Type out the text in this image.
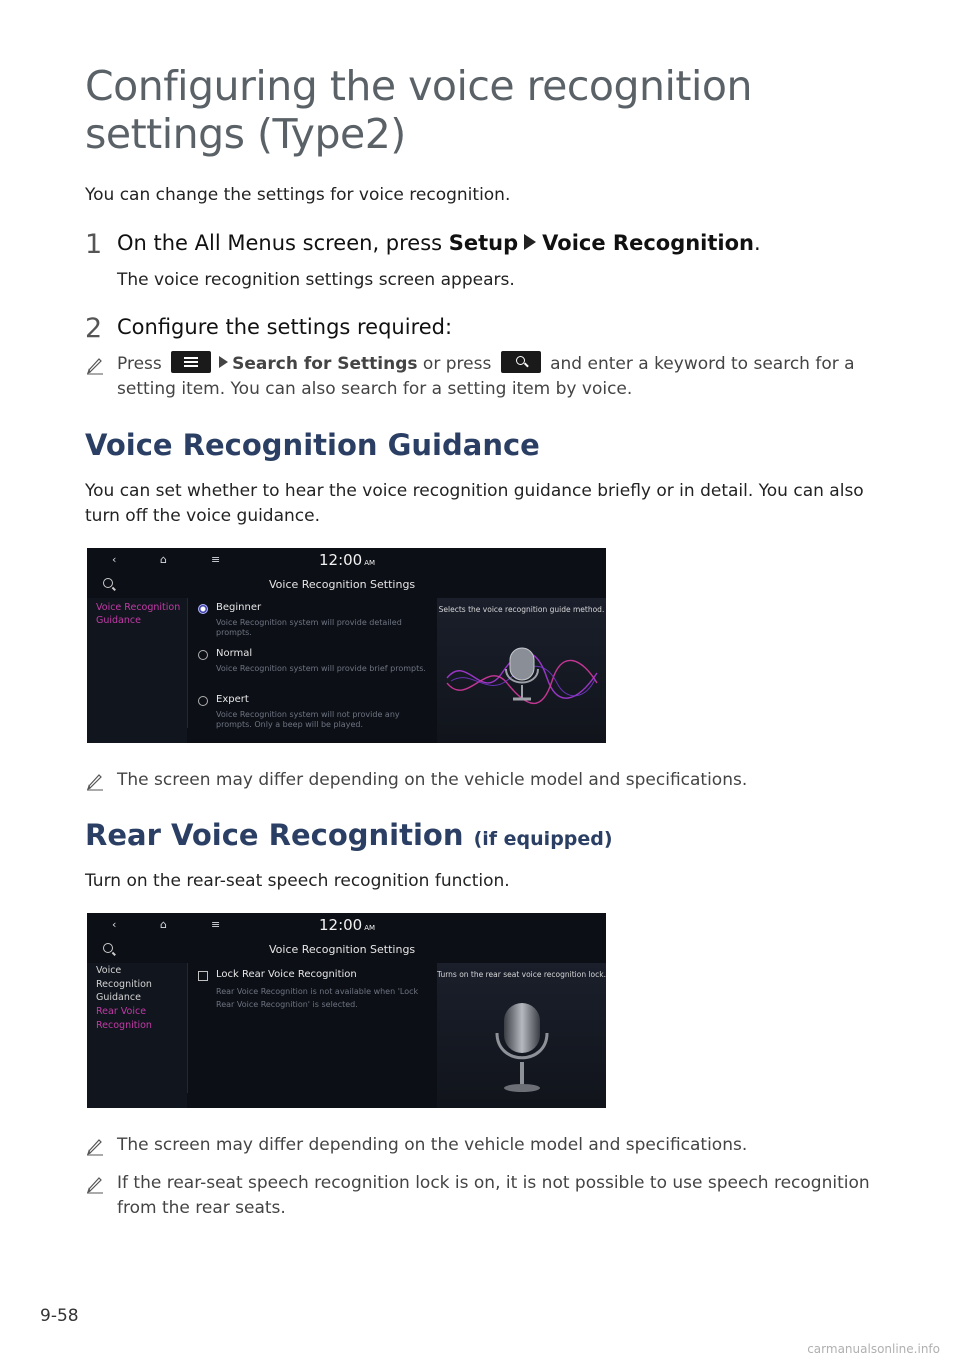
Configuring the voice recognition settings (Type2)
You can change the settings for voice recognition.
1 On the All Menus screen, press Setup Voice Recognition.
The voice recognition settings screen appears.
2 Configure the settings required:
Press	Search for Settings or press	and enter a keyword to search for a
setting item. You can also search for a setting item by voice.
Voice Recognition Guidance
You can set whether to hear the voice recognition guidance briefly or in detail. You can also turn off the voice guidance.
‹	⌂	≡	12:00 AM
Voice Recognition Settings
Voice Recognition
Guidance
Beginner
Voice Recognition system will provide detailed prompts.
Normal
Voice Recognition system will provide brief prompts.
Expert
Voice Recognition system will not provide any prompts. Only a beep will be played.
Selects the voice recognition guide method.
The screen may differ depending on the vehicle model and specifications.
Rear Voice Recognition (if equipped)
Turn on the rear-seat speech recognition function.
‹	⌂	≡	12:00 AM
Voice Recognition Settings
Voice
Recognition
Guidance
Rear Voice
Recognition
Lock Rear Voice Recognition
Rear Voice Recognition is not available when 'Lock Rear Voice Recognition' is selected.
Turns on the rear seat voice recognition lock.
The screen may differ depending on the vehicle model and specifications.
If the rear-seat speech recognition lock is on, it is not possible to use speech recognition from the rear seats.
9-58
carmanualsonline.info
